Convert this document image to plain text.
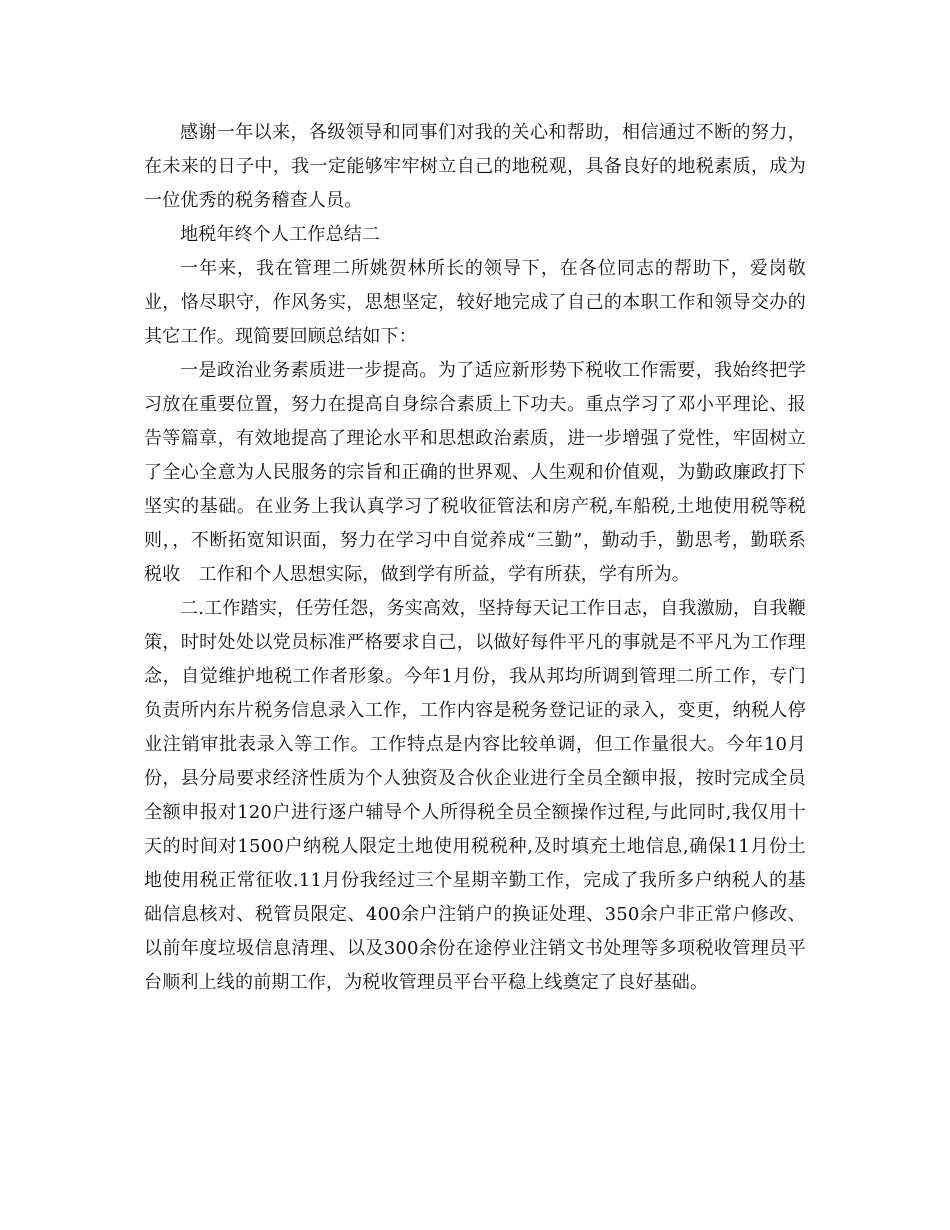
感谢一年以来，各级领导和同事们对我的关心和帮助，相信通过不断的努力，在未来的日子中，我一定能够牢牢树立自己的地税观，具备良好的地税素质，成为一位优秀的税务稽查人员。

地税年终个人工作总结二

一年来，我在管理二所姚贺林所长的领导下，在各位同志的帮助下，爱岗敬业，恪尽职守，作风务实，思想坚定，较好地完成了自己的本职工作和领导交办的其它工作。现简要回顾总结如下：

一是政治业务素质进一步提高。为了适应新形势下税收工作需要，我始终把学习放在重要位置，努力在提高自身综合素质上下功夫。重点学习了邓小平理论、报告等篇章，有效地提高了理论水平和思想政治素质，进一步增强了党性，牢固树立了全心全意为人民服务的宗旨和正确的世界观、人生观和价值观，为勤政廉政打下坚实的基础。在业务上我认真学习了税收征管法和房产税,车船税,土地使用税等税则，，不断拓宽知识面，努力在学习中自觉养成“三勤”，勤动手，勤思考，勤联系税收　工作和个人思想实际，做到学有所益，学有所获，学有所为。

二.工作踏实，任劳任怨，务实高效，坚持每天记工作日志，自我激励，自我鞭策，时时处处以党员标准严格要求自己，以做好每件平凡的事就是不平凡为工作理念，自觉维护地税工作者形象。今年1月份，我从邦均所调到管理二所工作，专门负责所内东片税务信息录入工作，工作内容是税务登记证的录入，变更，纳税人停业注销审批表录入等工作。工作特点是内容比较单调，但工作量很大。今年10月份，县分局要求经济性质为个人独资及合伙企业进行全员全额申报，按时完成全员全额申报对120户进行逐户辅导个人所得税全员全额操作过程,与此同时,我仅用十天的时间对1500户纳税人限定土地使用税税种,及时填充土地信息,确保11月份土地使用税正常征收.11月份我经过三个星期辛勤工作，完成了我所多户纳税人的基础信息核对、税管员限定、400余户注销户的换证处理、350余户非正常户修改、以前年度垃圾信息清理、以及300余份在途停业注销文书处理等多项税收管理员平台顺利上线的前期工作，为税收管理员平台平稳上线奠定了良好基础。
